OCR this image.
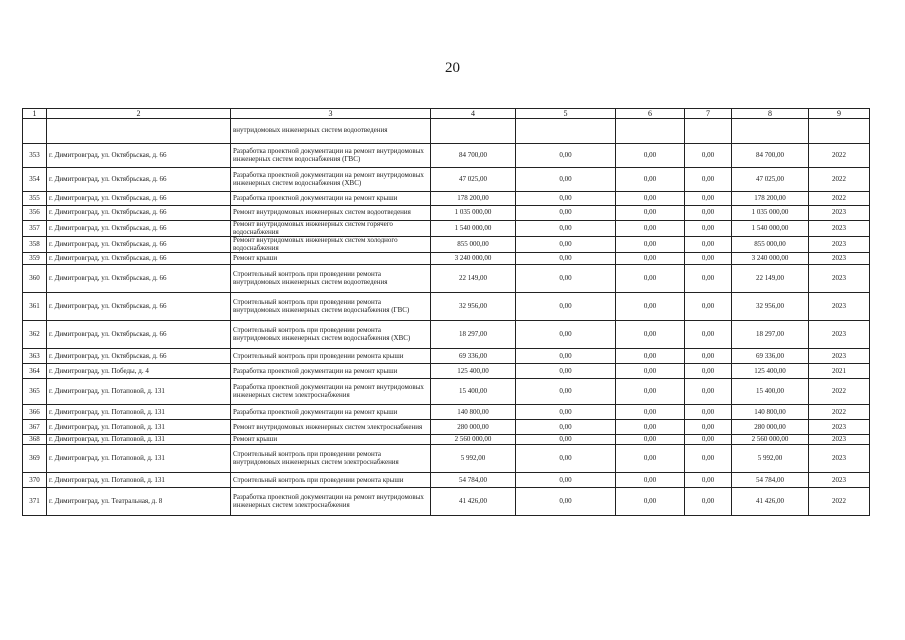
20
1	2	3	4	5	6	7	8	9
		внутридомовых инженерных систем водоотведения						
353	г. Димитровград, ул. Октябрьская, д. 66	Разработка проектной документации на ремонт внутридомовых инженерных систем водоснабжения (ГВС)	84 700,00	0,00	0,00	0,00	84 700,00	2022
354	г. Димитровград, ул. Октябрьская, д. 66	Разработка проектной документации на ремонт внутридомовых инженерных систем водоснабжения (ХВС)	47 025,00	0,00	0,00	0,00	47 025,00	2022
355	г. Димитровград, ул. Октябрьская, д. 66	Разработка проектной документации на ремонт крыши	178 200,00	0,00	0,00	0,00	178 200,00	2022
356	г. Димитровград, ул. Октябрьская, д. 66	Ремонт внутридомовых инженерных систем водоотведения	1 035 000,00	0,00	0,00	0,00	1 035 000,00	2023
357	г. Димитровград, ул. Октябрьская, д. 66	Ремонт внутридомовых инженерных систем горячего водоснабжения	1 540 000,00	0,00	0,00	0,00	1 540 000,00	2023
358	г. Димитровград, ул. Октябрьская, д. 66	Ремонт внутридомовых инженерных систем холодного водоснабжения	855 000,00	0,00	0,00	0,00	855 000,00	2023
359	г. Димитровград, ул. Октябрьская, д. 66	Ремонт крыши	3 240 000,00	0,00	0,00	0,00	3 240 000,00	2023
360	г. Димитровград, ул. Октябрьская, д. 66	Строительный контроль при проведении ремонта внутридомовых инженерных систем водоотведения	22 149,00	0,00	0,00	0,00	22 149,00	2023
361	г. Димитровград, ул. Октябрьская, д. 66	Строительный контроль при проведении ремонта внутридомовых инженерных систем водоснабжения (ГВС)	32 956,00	0,00	0,00	0,00	32 956,00	2023
362	г. Димитровград, ул. Октябрьская, д. 66	Строительный контроль при проведении ремонта внутридомовых инженерных систем водоснабжения (ХВС)	18 297,00	0,00	0,00	0,00	18 297,00	2023
363	г. Димитровград, ул. Октябрьская, д. 66	Строительный контроль при проведении ремонта крыши	69 336,00	0,00	0,00	0,00	69 336,00	2023
364	г. Димитровград, ул. Победы, д. 4	Разработка проектной документации на ремонт крыши	125 400,00	0,00	0,00	0,00	125 400,00	2021
365	г. Димитровград, ул. Потаповой, д. 131	Разработка проектной документации на ремонт внутридомовых инженерных систем электроснабжения	15 400,00	0,00	0,00	0,00	15 400,00	2022
366	г. Димитровград, ул. Потаповой, д. 131	Разработка проектной документации на ремонт крыши	140 800,00	0,00	0,00	0,00	140 800,00	2022
367	г. Димитровград, ул. Потаповой, д. 131	Ремонт внутридомовых инженерных систем электроснабжения	280 000,00	0,00	0,00	0,00	280 000,00	2023
368	г. Димитровград, ул. Потаповой, д. 131	Ремонт крыши	2 560 000,00	0,00	0,00	0,00	2 560 000,00	2023
369	г. Димитровград, ул. Потаповой, д. 131	Строительный контроль при проведении ремонта внутридомовых инженерных систем электроснабжения	5 992,00	0,00	0,00	0,00	5 992,00	2023
370	г. Димитровград, ул. Потаповой, д. 131	Строительный контроль при проведении ремонта крыши	54 784,00	0,00	0,00	0,00	54 784,00	2023
371	г. Димитровград, ул. Театральная, д. 8	Разработка проектной документации на ремонт внутридомовых инженерных систем электроснабжения	41 426,00	0,00	0,00	0,00	41 426,00	2022
